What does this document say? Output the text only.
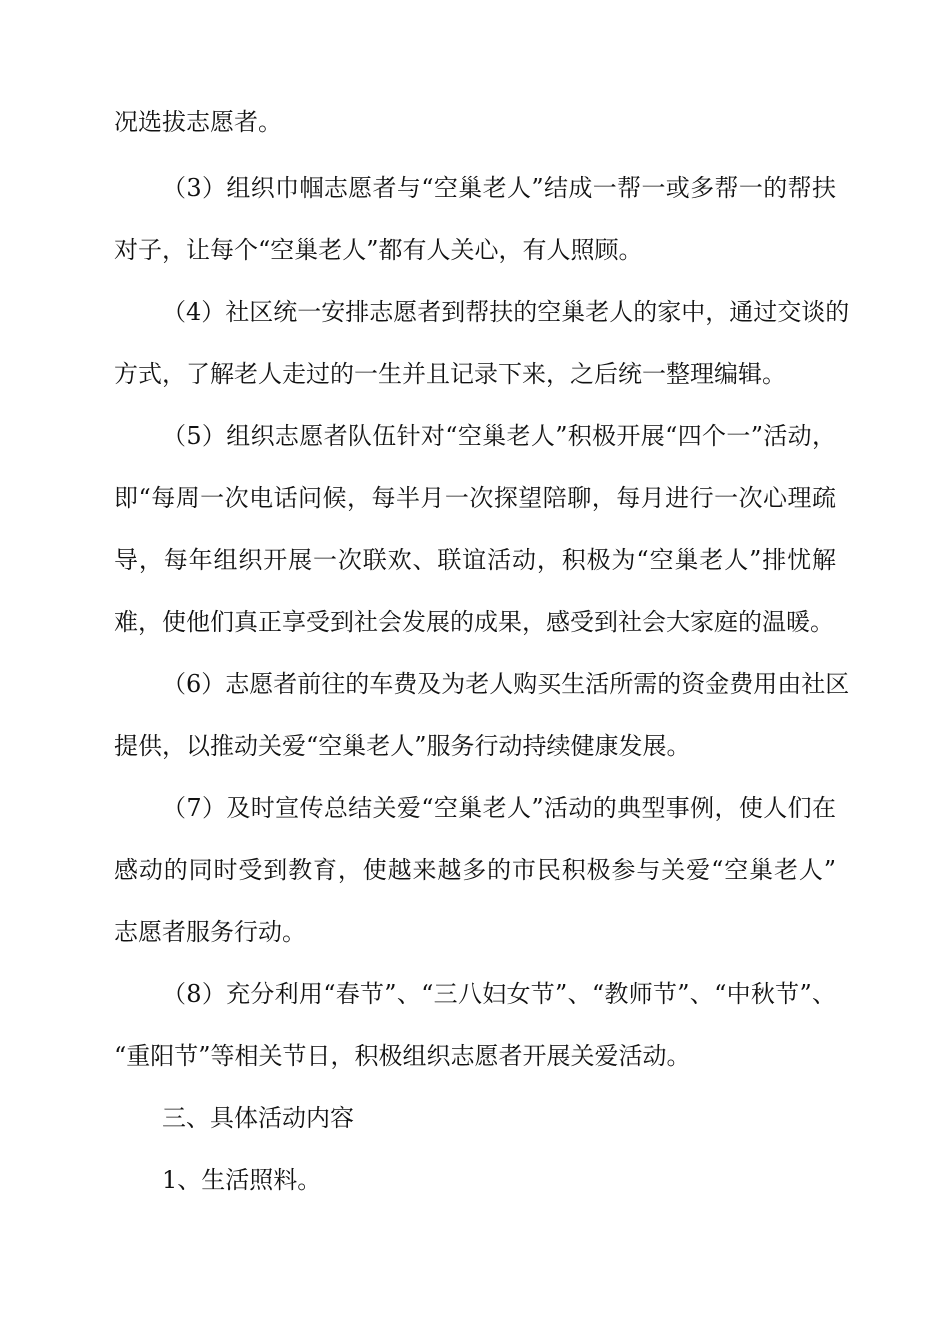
况选拔志愿者。
（3）组织巾帼志愿者与“空巢老人”结成一帮一或多帮一的帮扶
对子，让每个“空巢老人”都有人关心，有人照顾。
（4）社区统一安排志愿者到帮扶的空巢老人的家中，通过交谈的
方式，了解老人走过的一生并且记录下来，之后统一整理编辑。
（5）组织志愿者队伍针对“空巢老人”积极开展“四个一”活动，
即“每周一次电话问候，每半月一次探望陪聊，每月进行一次心理疏
导，每年组织开展一次联欢、联谊活动，积极为“空巢老人”排忧解
难，使他们真正享受到社会发展的成果，感受到社会大家庭的温暖。
（6）志愿者前往的车费及为老人购买生活所需的资金费用由社区
提供，以推动关爱“空巢老人”服务行动持续健康发展。
（7）及时宣传总结关爱“空巢老人”活动的典型事例，使人们在
感动的同时受到教育，使越来越多的市民积极参与关爱“空巢老人”
志愿者服务行动。
（8）充分利用“春节”、“三八妇女节”、“教师节”、“中秋节”、
“重阳节”等相关节日，积极组织志愿者开展关爱活动。
三、具体活动内容
1、生活照料。
